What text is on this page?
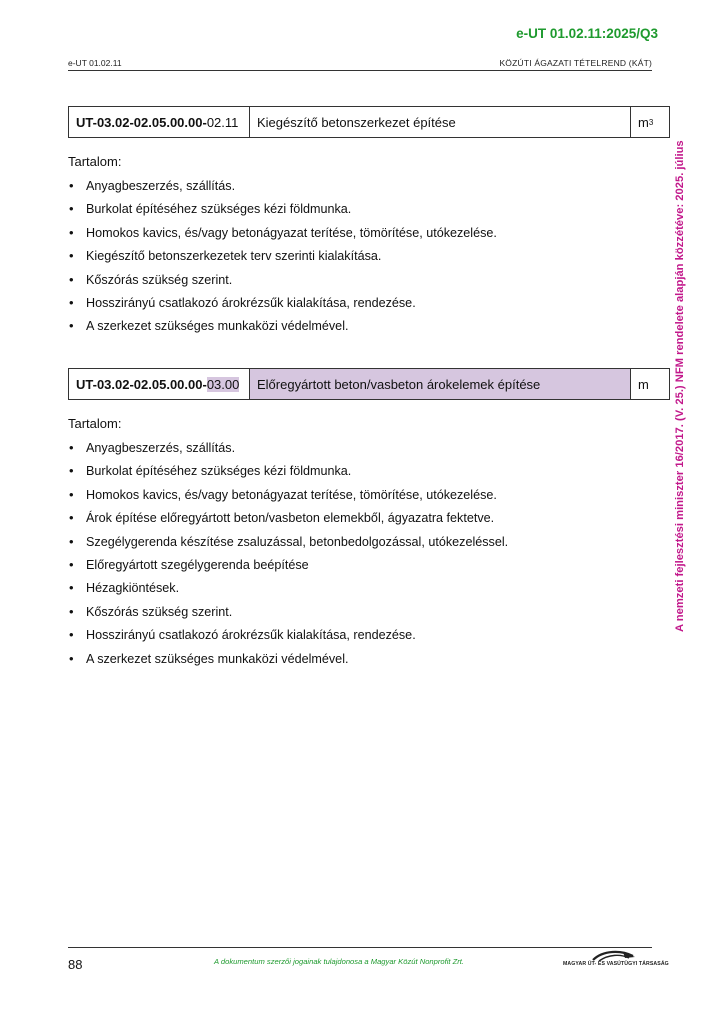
e-UT 01.02.11:2025/Q3
e-UT 01.02.11	KÖZÚTI ÁGAZATI TÉTELREND (KÁT)
UT-03.02-02.05.00.00- 02.11	Kiegészítő betonszerkezet építése	m 3
Tartalom:
• Anyagbeszerzés, szállítás.
• Burkolat építéséhez szükséges kézi földmunka.
• Homokos kavics, és/vagy betonágyazat terítése, tömörítése, utókezelése.
• Kiegészítő betonszerkezetek terv szerinti kialakítása.
• Kőszórás szükség szerint.
• Hosszirányú csatlakozó árokrézsűk kialakítása, rendezése.
• A szerkezet szükséges munkaközi védelmével.
UT-03.02-02.05.00.00- 03.00	Előregyártott beton/vasbeton árokelemek építése	m
Tartalom:
• Anyagbeszerzés, szállítás.
• Burkolat építéséhez szükséges kézi földmunka.
• Homokos kavics, és/vagy betonágyazat terítése, tömörítése, utókezelése.
• Árok építése előregyártott beton/vasbeton elemekből, ágyazatra fektetve.
• Szegélygerenda készítése zsaluzással, betonbedolgozással, utókezeléssel.
• Előregyártott szegélygerenda beépítése
• Hézagkiöntések.
• Kőszórás szükség szerint.
• Hosszirányú csatlakozó árokrézsűk kialakítása, rendezése.
• A szerkezet szükséges munkaközi védelmével.
A nemzeti fejlesztési miniszter 16/2017. (V. 25.) NFM rendelete alapján közzétéve: 2025. július
88	A dokumentum szerzői jogainak tulajdonosa a Magyar Közút Nonprofit Zrt.	MAGYAR ÚT- ÉS VASÚTÜGYI TÁRSASÁG
